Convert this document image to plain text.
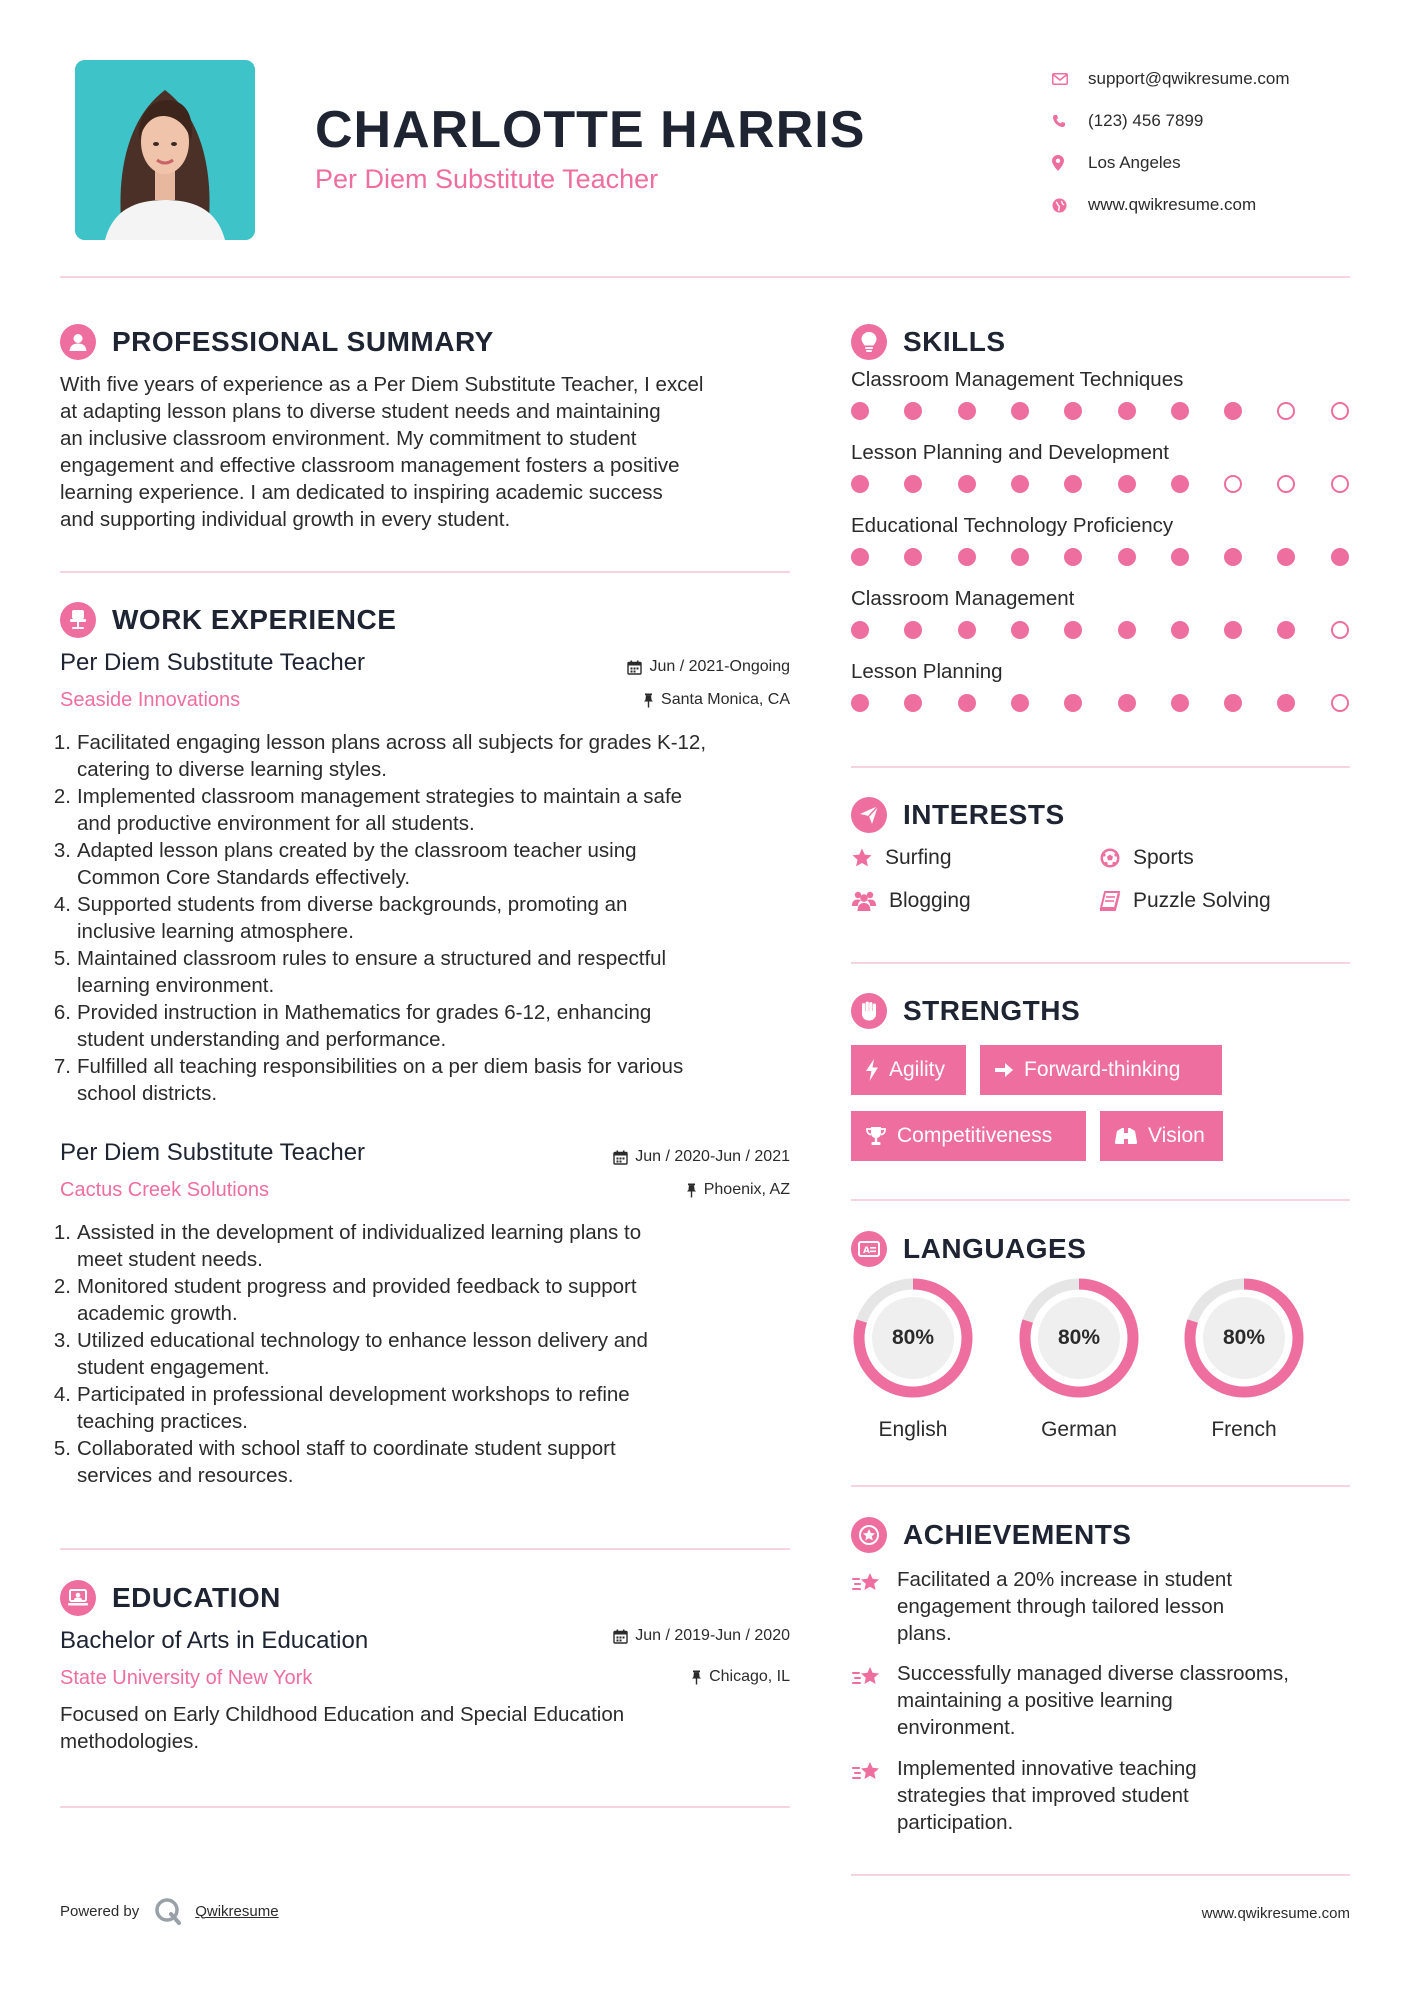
CHARLOTTE HARRIS
Per Diem Substitute Teacher
support@qwikresume.com
(123) 456 7899
Los Angeles
www.qwikresume.com
PROFESSIONAL SUMMARY
With five years of experience as a Per Diem Substitute Teacher, I excel
at adapting lesson plans to diverse student needs and maintaining
an inclusive classroom environment. My commitment to student
engagement and effective classroom management fosters a positive
learning experience. I am dedicated to inspiring academic success
and supporting individual growth in every student.
WORK EXPERIENCE
Per Diem Substitute Teacher	Jun / 2021-Ongoing
Seaside Innovations	Santa Monica, CA
1. Facilitated engaging lesson plans across all subjects for grades K-12,
catering to diverse learning styles.
2. Implemented classroom management strategies to maintain a safe
and productive environment for all students.
3. Adapted lesson plans created by the classroom teacher using
Common Core Standards effectively.
4. Supported students from diverse backgrounds, promoting an
inclusive learning atmosphere.
5. Maintained classroom rules to ensure a structured and respectful
learning environment.
6. Provided instruction in Mathematics for grades 6-12, enhancing
student understanding and performance.
7. Fulfilled all teaching responsibilities on a per diem basis for various
school districts.
Per Diem Substitute Teacher	Jun / 2020-Jun / 2021
Cactus Creek Solutions	Phoenix, AZ
1. Assisted in the development of individualized learning plans to
meet student needs.
2. Monitored student progress and provided feedback to support
academic growth.
3. Utilized educational technology to enhance lesson delivery and
student engagement.
4. Participated in professional development workshops to refine
teaching practices.
5. Collaborated with school staff to coordinate student support
services and resources.
EDUCATION
Bachelor of Arts in Education	Jun / 2019-Jun / 2020
State University of New York	Chicago, IL
Focused on Early Childhood Education and Special Education
methodologies.
SKILLS
Classroom Management Techniques
Lesson Planning and Development
Educational Technology Proficiency
Classroom Management
Lesson Planning
INTERESTS
Surfing	Sports
Blogging	Puzzle Solving
STRENGTHS
Agility	Forward-thinking
Competitiveness	Vision
A LANGUAGES
80%
English
80%
German
80%
French
ACHIEVEMENTS
Facilitated a 20% increase in student
engagement through tailored lesson
plans.
Successfully managed diverse classrooms,
maintaining a positive learning
environment.
Implemented innovative teaching
strategies that improved student
participation.
Powered by	Qwikresume	www.qwikresume.com
